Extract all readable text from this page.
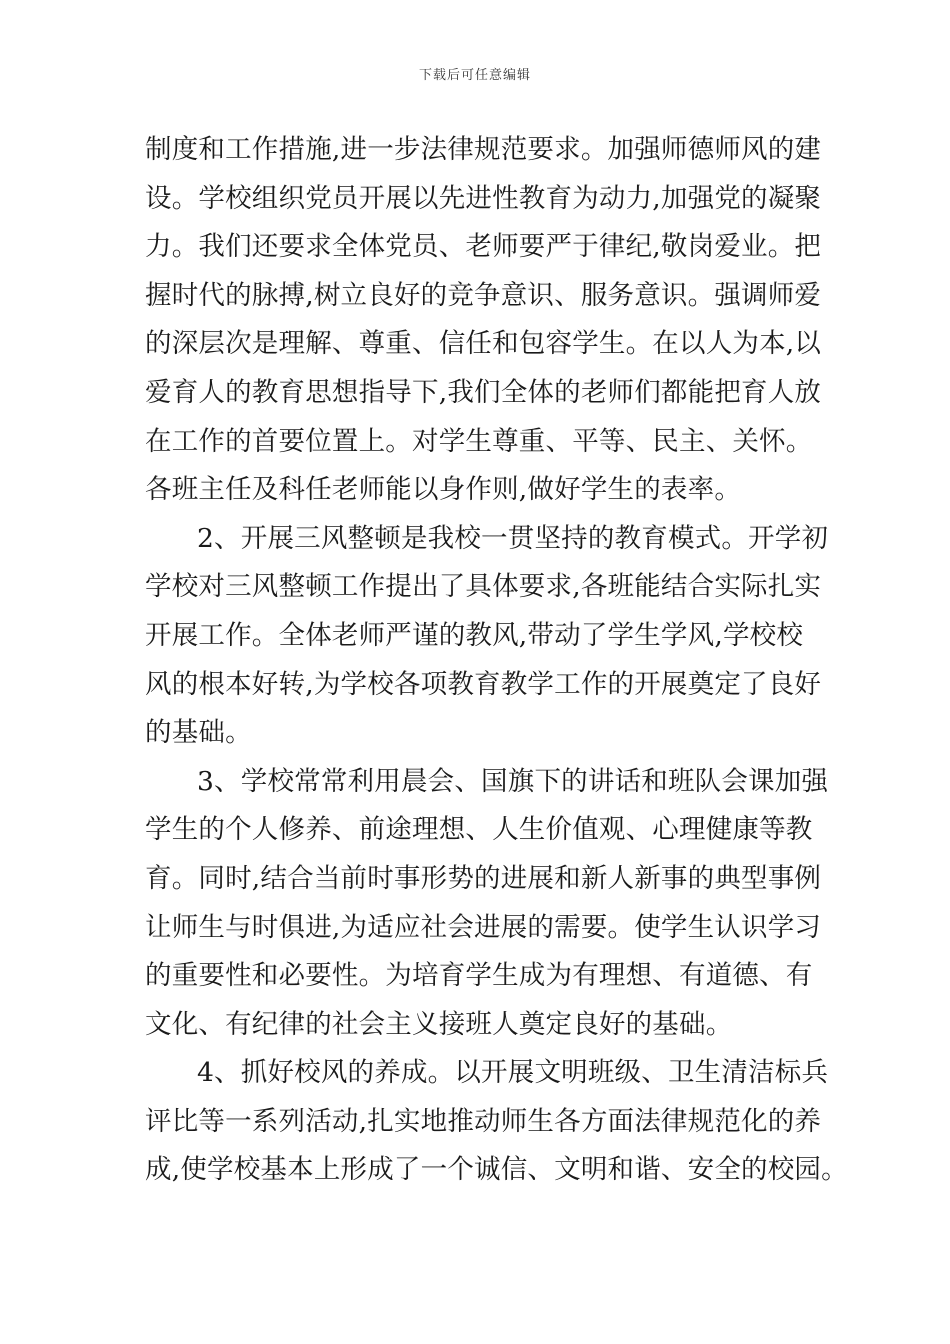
下载后可任意编辑
制度和工作措施,进一步法律规范要求。加强师德师风的建
设。学校组织党员开展以先进性教育为动力,加强党的凝聚
力。我们还要求全体党员、老师要严于律纪,敬岗爱业。把
握时代的脉搏,树立良好的竞争意识、服务意识。强调师爱
的深层次是理解、尊重、信任和包容学生。在以人为本,以
爱育人的教育思想指导下,我们全体的老师们都能把育人放
在工作的首要位置上。对学生尊重、平等、民主、关怀。
各班主任及科任老师能以身作则,做好学生的表率。
2、开展三风整顿是我校一贯坚持的教育模式。开学初
学校对三风整顿工作提出了具体要求,各班能结合实际扎实
开展工作。全体老师严谨的教风,带动了学生学风,学校校
风的根本好转,为学校各项教育教学工作的开展奠定了良好
的基础。
3、学校常常利用晨会、国旗下的讲话和班队会课加强
学生的个人修养、前途理想、人生价值观、心理健康等教
育。同时,结合当前时事形势的进展和新人新事的典型事例
让师生与时俱进,为适应社会进展的需要。使学生认识学习
的重要性和必要性。为培育学生成为有理想、有道德、有
文化、有纪律的社会主义接班人奠定良好的基础。
4、抓好校风的养成。以开展文明班级、卫生清洁标兵
评比等一系列活动,扎实地推动师生各方面法律规范化的养
成,使学校基本上形成了一个诚信、文明和谐、安全的校园。
